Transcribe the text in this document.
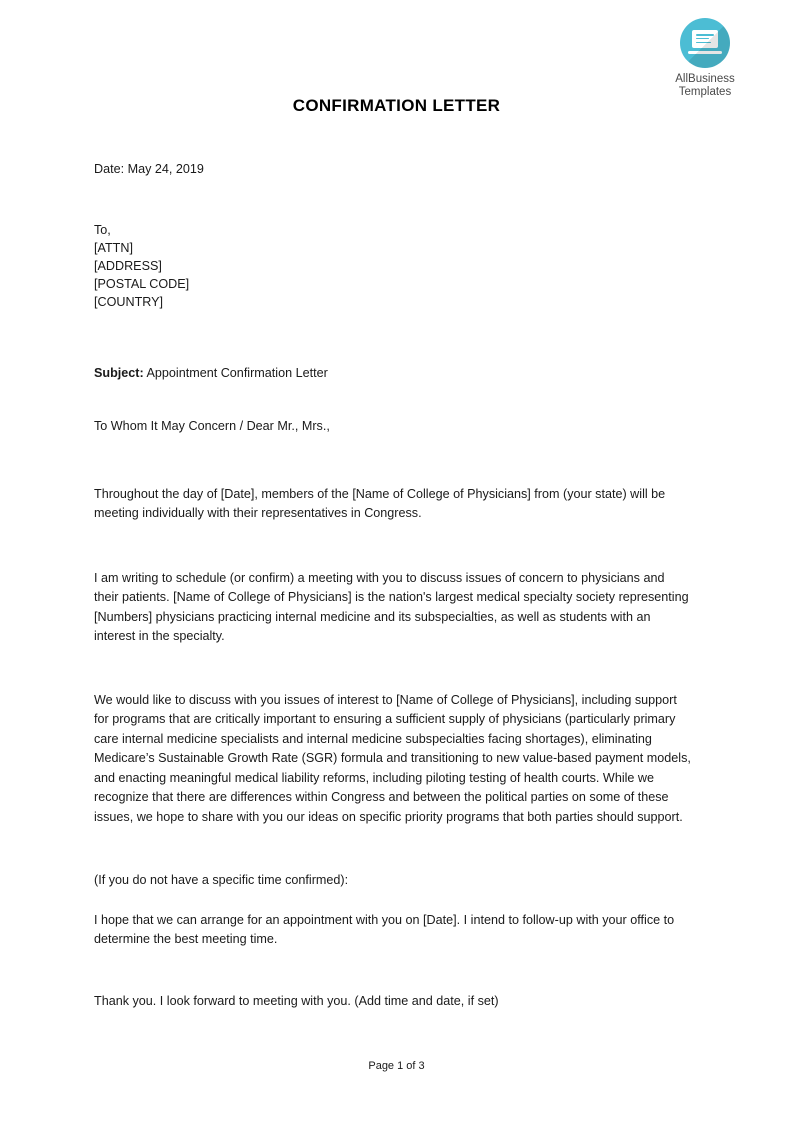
AllBusiness
Templates
CONFIRMATION LETTER
Date: May 24, 2019
To,
[ATTN]
[ADDRESS]
[POSTAL CODE]
[COUNTRY]
Subject: Appointment Confirmation Letter
To Whom It May Concern / Dear Mr., Mrs.,

Throughout the day of [Date], members of the [Name of College of Physicians] from (your state) will be meeting individually with their representatives in Congress.

I am writing to schedule (or confirm) a meeting with you to discuss issues of concern to physicians and their patients. [Name of College of Physicians] is the nation's largest medical specialty society representing [Numbers] physicians practicing internal medicine and its subspecialties, as well as students with an interest in the specialty.

We would like to discuss with you issues of interest to [Name of College of Physicians], including support for programs that are critically important to ensuring a sufficient supply of physicians (particularly primary care internal medicine specialists and internal medicine subspecialties facing shortages), eliminating Medicare’s Sustainable Growth Rate (SGR) formula and transitioning to new value-based payment models, and enacting meaningful medical liability reforms, including piloting testing of health courts. While we recognize that there are differences within Congress and between the political parties on some of these issues, we hope to share with you our ideas on specific priority programs that both parties should support.

(If you do not have a specific time confirmed):

I hope that we can arrange for an appointment with you on [Date]. I intend to follow-up with your office to determine the best meeting time.

Thank you. I look forward to meeting with you. (Add time and date, if set)

Page 1 of 3
